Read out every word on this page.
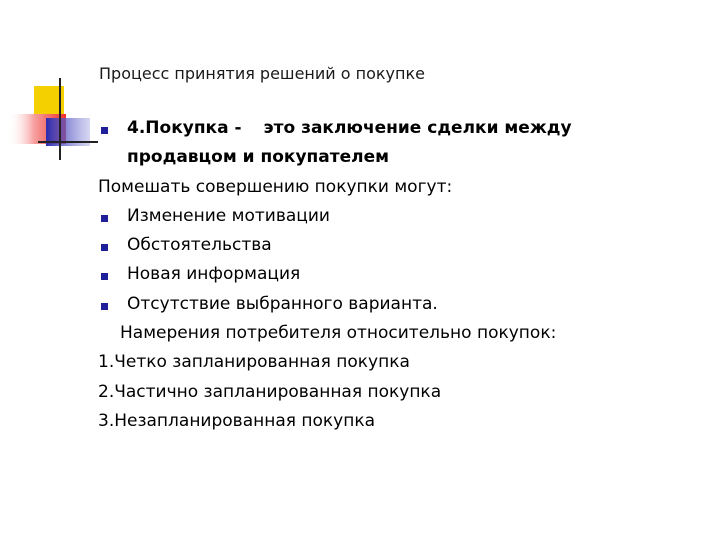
Процесс принятия решений о покупке
4.Покупка - это заключение сделки между
продавцом и покупателем
Помешать совершению покупки могут:
Изменение мотивации
Обстоятельства
Новая информация
Отсутствие выбранного варианта.
Намерения потребителя относительно покупок:
1.Четко запланированная покупка
2.Частично запланированная покупка
3.Незапланированная покупка
